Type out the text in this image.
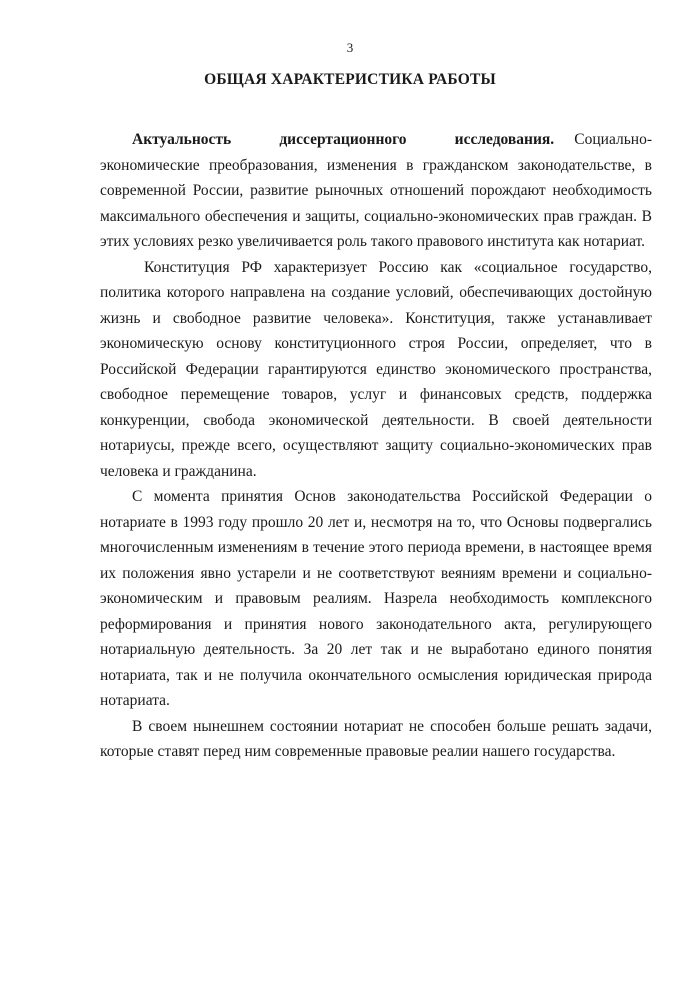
3
ОБЩАЯ ХАРАКТЕРИСТИКА РАБОТЫ

Актуальность диссертационного исследования. Социально-экономические преобразования, изменения в гражданском законодательстве, в современной России, развитие рыночных отношений порождают необходимость максимального обеспечения и защиты, социально-экономических прав граждан. В этих условиях резко увеличивается роль такого правового института как нотариат.

Конституция РФ характеризует Россию как «социальное государство, политика которого направлена на создание условий, обеспечивающих достойную жизнь и свободное развитие человека». Конституция, также устанавливает экономическую основу конституционного строя России, определяет, что в Российской Федерации гарантируются единство экономического пространства, свободное перемещение товаров, услуг и финансовых средств, поддержка конкуренции, свобода экономической деятельности. В своей деятельности нотариусы, прежде всего, осуществляют защиту социально-экономических прав человека и гражданина.

С момента принятия Основ законодательства Российской Федерации о нотариате в 1993 году прошло 20 лет и, несмотря на то, что Основы подвергались многочисленным изменениям в течение этого периода времени, в настоящее время их положения явно устарели и не соответствуют веяниям времени и социально-экономическим и правовым реалиям. Назрела необходимость комплексного реформирования и принятия нового законодательного акта, регулирующего нотариальную деятельность. За 20 лет так и не выработано единого понятия нотариата, так и не получила окончательного осмысления юридическая природа нотариата.

В своем нынешнем состоянии нотариат не способен больше решать задачи, которые ставят перед ним современные правовые реалии нашего государства.
